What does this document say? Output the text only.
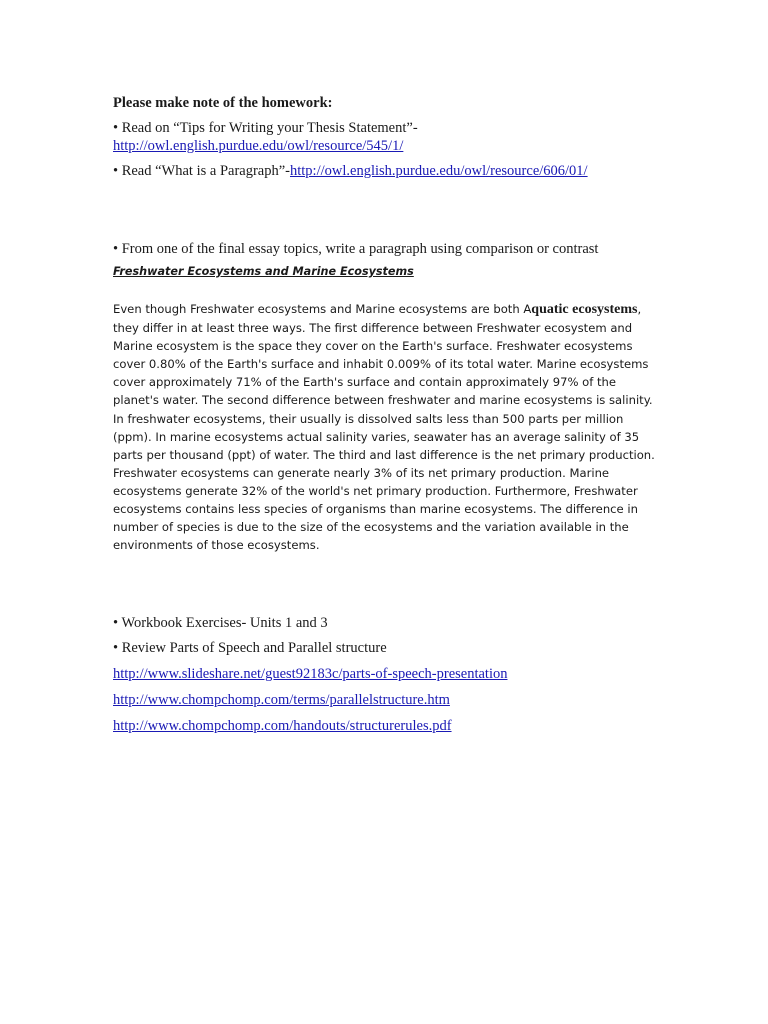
Please make note of the homework:
• Read on “Tips for Writing your Thesis Statement”-
http://owl.english.purdue.edu/owl/resource/545/1/
• Read “What is a Paragraph”-http://owl.english.purdue.edu/owl/resource/606/01/
• From one of the final essay topics, write a paragraph using comparison or contrast
Freshwater Ecosystems and Marine Ecosystems
Even though Freshwater ecosystems and Marine ecosystems are both Aquatic ecosystems, they differ in at least three ways. The first difference between Freshwater ecosystem and Marine ecosystem is the space they cover on the Earth's surface. Freshwater ecosystems cover 0.80% of the Earth's surface and inhabit 0.009% of its total water. Marine ecosystems cover approximately 71% of the Earth's surface and contain approximately 97% of the planet's water. The second difference between freshwater and marine ecosystems is salinity. In freshwater ecosystems, their usually is dissolved salts less than 500 parts per million (ppm). In marine ecosystems actual salinity varies, seawater has an average salinity of 35 parts per thousand (ppt) of water. The third and last difference is the net primary production. Freshwater ecosystems can generate nearly 3% of its net primary production. Marine ecosystems generate 32% of the world's net primary production. Furthermore, Freshwater ecosystems contains less species of organisms than marine ecosystems. The difference in number of species is due to the size of the ecosystems and the variation available in the environments of those ecosystems.
• Workbook Exercises- Units 1 and 3
• Review Parts of Speech and Parallel structure
http://www.slideshare.net/guest92183c/parts-of-speech-presentation
http://www.chompchomp.com/terms/parallelstructure.htm
http://www.chompchomp.com/handouts/structurerules.pdf
